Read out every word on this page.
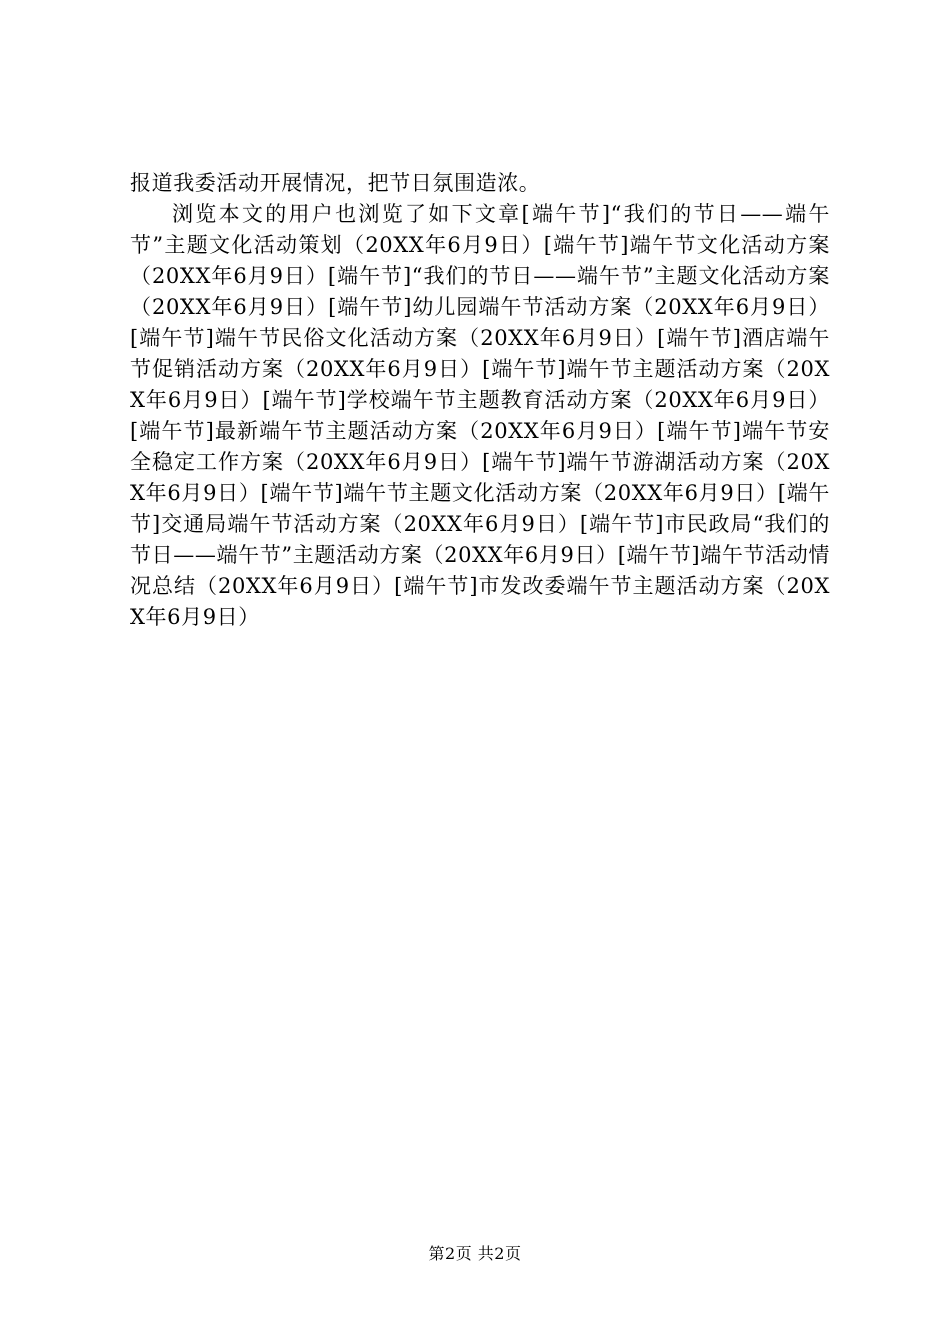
报道我委活动开展情况，把节日氛围造浓。

浏览本文的用户也浏览了如下文章[端午节]“我们的节日——端午节”主题文化活动策划（20XX年6月9日）[端午节]端午节文化活动方案（20XX年6月9日）[端午节]“我们的节日——端午节”主题文化活动方案（20XX年6月9日）[端午节]幼儿园端午节活动方案（20XX年6月9日）[端午节]端午节民俗文化活动方案（20XX年6月9日）[端午节]酒店端午节促销活动方案（20XX年6月9日）[端午节]端午节主题活动方案（20XX年6月9日）[端午节]学校端午节主题教育活动方案（20XX年6月9日）[端午节]最新端午节主题活动方案（20XX年6月9日）[端午节]端午节安全稳定工作方案（20XX年6月9日）[端午节]端午节游湖活动方案（20XX年6月9日）[端午节]端午节主题文化活动方案（20XX年6月9日）[端午节]交通局端午节活动方案（20XX年6月9日）[端午节]市民政局“我们的节日——端午节”主题活动方案（20XX年6月9日）[端午节]端午节活动情况总结（20XX年6月9日）[端午节]市发改委端午节主题活动方案（20XX年6月9日）

第2页 共2页
